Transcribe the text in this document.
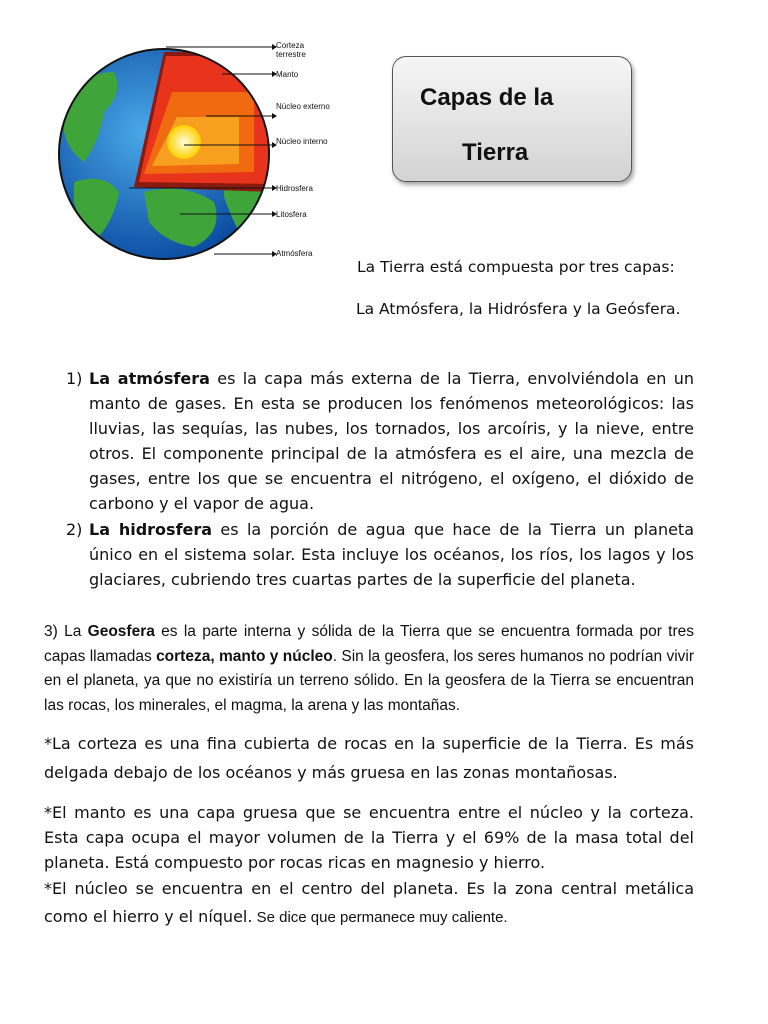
Corteza terrestre
Manto
Núcleo externo
Núcleo interno
Hidrosfera
Litosfera
Atmósfera
Capas de la
Tierra
La Tierra está compuesta por tres capas:
La Atmósfera, la Hidrósfera y la Geósfera.
1) La atmósfera es la capa más externa de la Tierra, envolviéndola en un manto de gases. En esta se producen los fenómenos meteorológicos: las lluvias, las sequías, las nubes, los tornados, los arcoíris, y la nieve, entre otros. El componente principal de la atmósfera es el aire, una mezcla de gases, entre los que se encuentra el nitrógeno, el oxígeno, el dióxido de carbono y el vapor de agua.
2) La hidrosfera es la porción de agua que hace de la Tierra un planeta único en el sistema solar. Esta incluye los océanos, los ríos, los lagos y los glaciares, cubriendo tres cuartas partes de la superficie del planeta.
3) La Geosfera es la parte interna y sólida de la Tierra que se encuentra formada por tres capas llamadas corteza, manto y núcleo. Sin la geosfera, los seres humanos no podrían vivir en el planeta, ya que no existiría un terreno sólido. En la geosfera de la Tierra se encuentran las rocas, los minerales, el magma, la arena y las montañas.
*La corteza es una fina cubierta de rocas en la superficie de la Tierra. Es más delgada debajo de los océanos y más gruesa en las zonas montañosas.
*El manto es una capa gruesa que se encuentra entre el núcleo y la corteza. Esta capa ocupa el mayor volumen de la Tierra y el 69% de la masa total del planeta. Está compuesto por rocas ricas en magnesio y hierro.
*El núcleo se encuentra en el centro del planeta. Es la zona central metálica como el hierro y el níquel. Se dice que permanece muy caliente.
